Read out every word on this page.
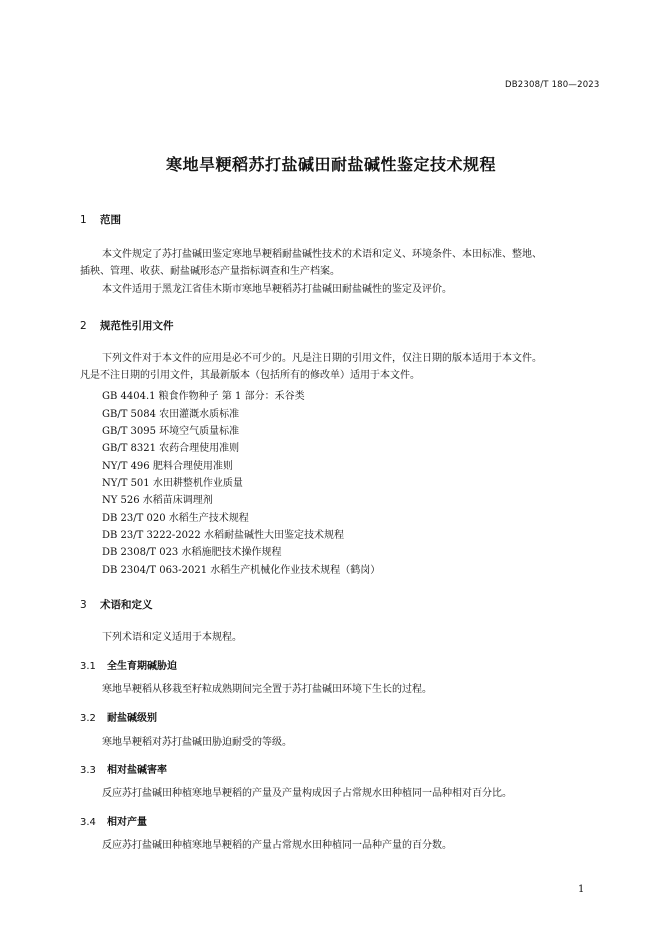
DB2308/T 180—2023
寒地旱粳稻苏打盐碱田耐盐碱性鉴定技术规程
1 范围
本文件规定了苏打盐碱田鉴定寒地旱粳稻耐盐碱性技术的术语和定义、环境条件、本田标准、整地、
插秧、管理、收获、耐盐碱形态产量指标调查和生产档案。
本文件适用于黑龙江省佳木斯市寒地旱粳稻苏打盐碱田耐盐碱性的鉴定及评价。
2 规范性引用文件
下列文件对于本文件的应用是必不可少的。凡是注日期的引用文件，仅注日期的版本适用于本文件。
凡是不注日期的引用文件，其最新版本（包括所有的修改单）适用于本文件。
GB 4404.1 粮食作物种子 第 1 部分：禾谷类
GB/T 5084 农田灌溉水质标准
GB/T 3095 环境空气质量标准
GB/T 8321 农药合理使用准则
NY/T 496 肥料合理使用准则
NY/T 501 水田耕整机作业质量
NY 526 水稻苗床调理剂
DB 23/T 020 水稻生产技术规程
DB 23/T 3222-2022 水稻耐盐碱性大田鉴定技术规程
DB 2308/T 023 水稻施肥技术操作规程
DB 2304/T 063-2021 水稻生产机械化作业技术规程（鹤岗）
3 术语和定义
下列术语和定义适用于本规程。
3.1 全生育期碱胁迫
寒地旱粳稻从移栽至籽粒成熟期间完全置于苏打盐碱田环境下生长的过程。
3.2 耐盐碱级别
寒地旱粳稻对苏打盐碱田胁迫耐受的等级。
3.3 相对盐碱害率
反应苏打盐碱田种植寒地旱粳稻的产量及产量构成因子占常规水田种植同一品种相对百分比。
3.4 相对产量
反应苏打盐碱田种植寒地旱粳稻的产量占常规水田种植同一品种产量的百分数。
1
